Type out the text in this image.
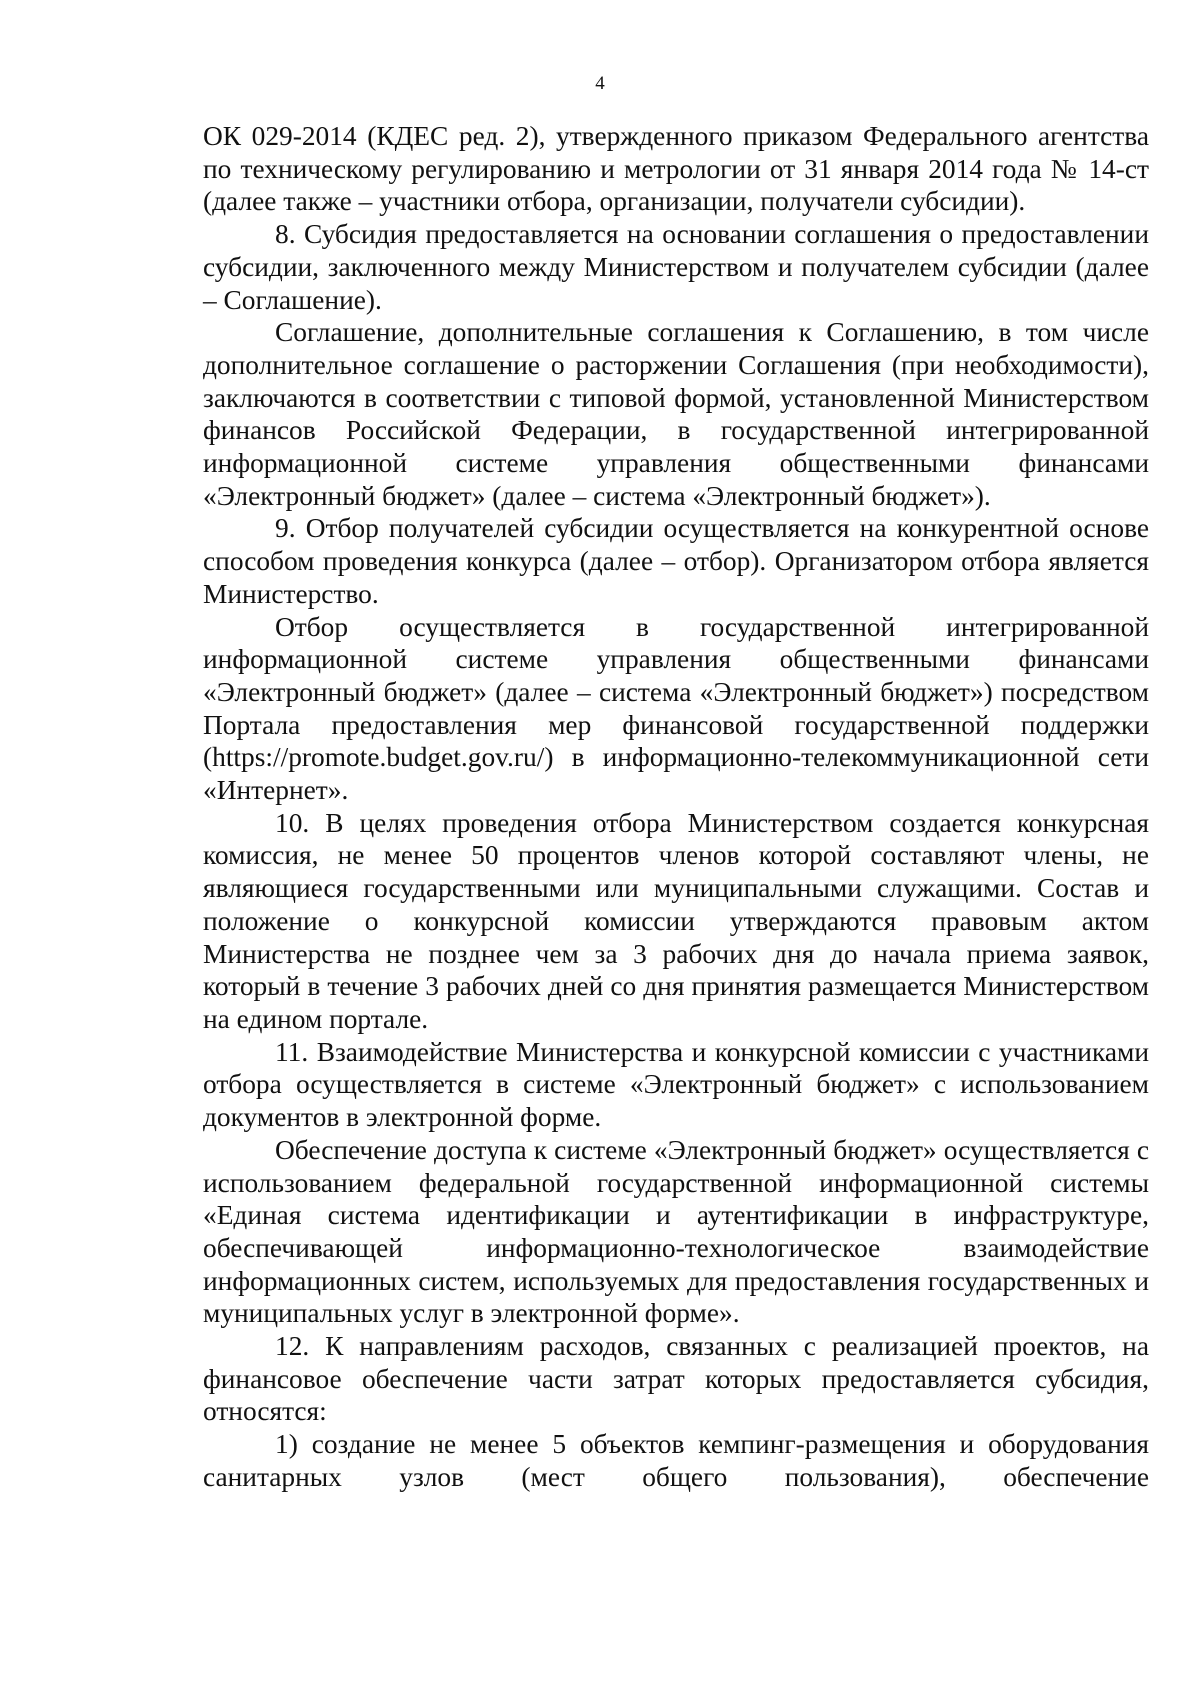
4

ОК 029-2014 (КДЕС ред. 2), утвержденного приказом Федерального агентства по техническому регулированию и метрологии от 31 января 2014 года № 14-ст (далее также – участники отбора, организации, получатели субсидии).

8. Субсидия предоставляется на основании соглашения о предоставлении субсидии, заключенного между Министерством и получателем субсидии (далее – Соглашение).

Соглашение, дополнительные соглашения к Соглашению, в том числе дополнительное соглашение о расторжении Соглашения (при необходимости), заключаются в соответствии с типовой формой, установленной Министерством финансов Российской Федерации, в государственной интегрированной информационной системе управления общественными финансами «Электронный бюджет» (далее – система «Электронный бюджет»).

9. Отбор получателей субсидии осуществляется на конкурентной основе способом проведения конкурса (далее – отбор). Организатором отбора является Министерство.

Отбор осуществляется в государственной интегрированной информационной системе управления общественными финансами «Электронный бюджет» (далее – система «Электронный бюджет») посредством Портала предоставления мер финансовой государственной поддержки (https://promote.budget.gov.ru/) в информационно-телекоммуникационной сети «Интернет».

10. В целях проведения отбора Министерством создается конкурсная комиссия, не менее 50 процентов членов которой составляют члены, не являющиеся государственными или муниципальными служащими. Состав и положение о конкурсной комиссии утверждаются правовым актом Министерства не позднее чем за 3 рабочих дня до начала приема заявок, который в течение 3 рабочих дней со дня принятия размещается Министерством на едином портале.

11. Взаимодействие Министерства и конкурсной комиссии с участниками отбора осуществляется в системе «Электронный бюджет» с использованием документов в электронной форме.

Обеспечение доступа к системе «Электронный бюджет» осуществляется с использованием федеральной государственной информационной системы «Единая система идентификации и аутентификации в инфраструктуре, обеспечивающей информационно-технологическое взаимодействие информационных систем, используемых для предоставления государственных и муниципальных услуг в электронной форме».

12. К направлениям расходов, связанных с реализацией проектов, на финансовое обеспечение части затрат которых предоставляется субсидия, относятся:

1) создание не менее 5 объектов кемпинг-размещения и оборудования санитарных узлов (мест общего пользования), обеспечение
